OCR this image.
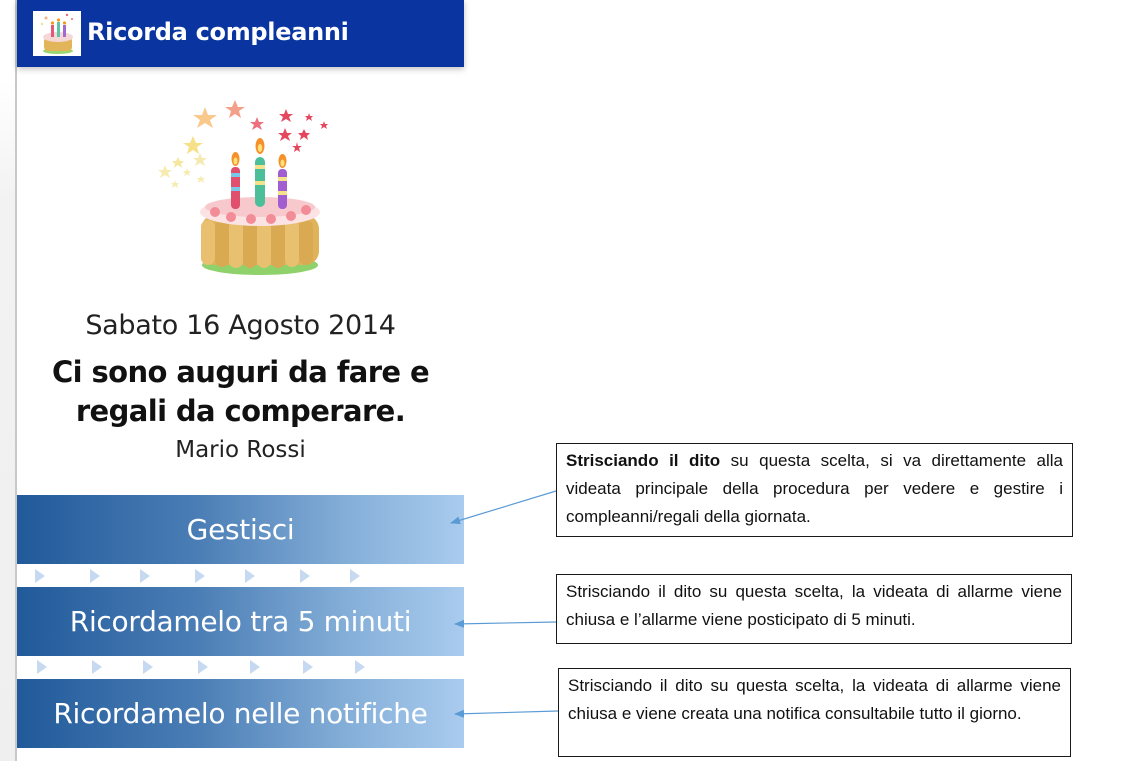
Ricorda compleanni
Sabato 16 Agosto 2014
Ci sono auguri da fare e
regali da comperare.
Mario Rossi
Gestisci
Ricordamelo tra 5 minuti
Ricordamelo nelle notifiche
Strisciando il dito su questa scelta, si va direttamente alla videata principale della procedura per vedere e gestire i compleanni/regali della giornata.
Strisciando il dito su questa scelta, la videata di allarme viene chiusa e l’allarme viene posticipato di 5 minuti.
Strisciando il dito su questa scelta, la videata di allarme viene chiusa e viene creata una notifica consultabile tutto il giorno.
